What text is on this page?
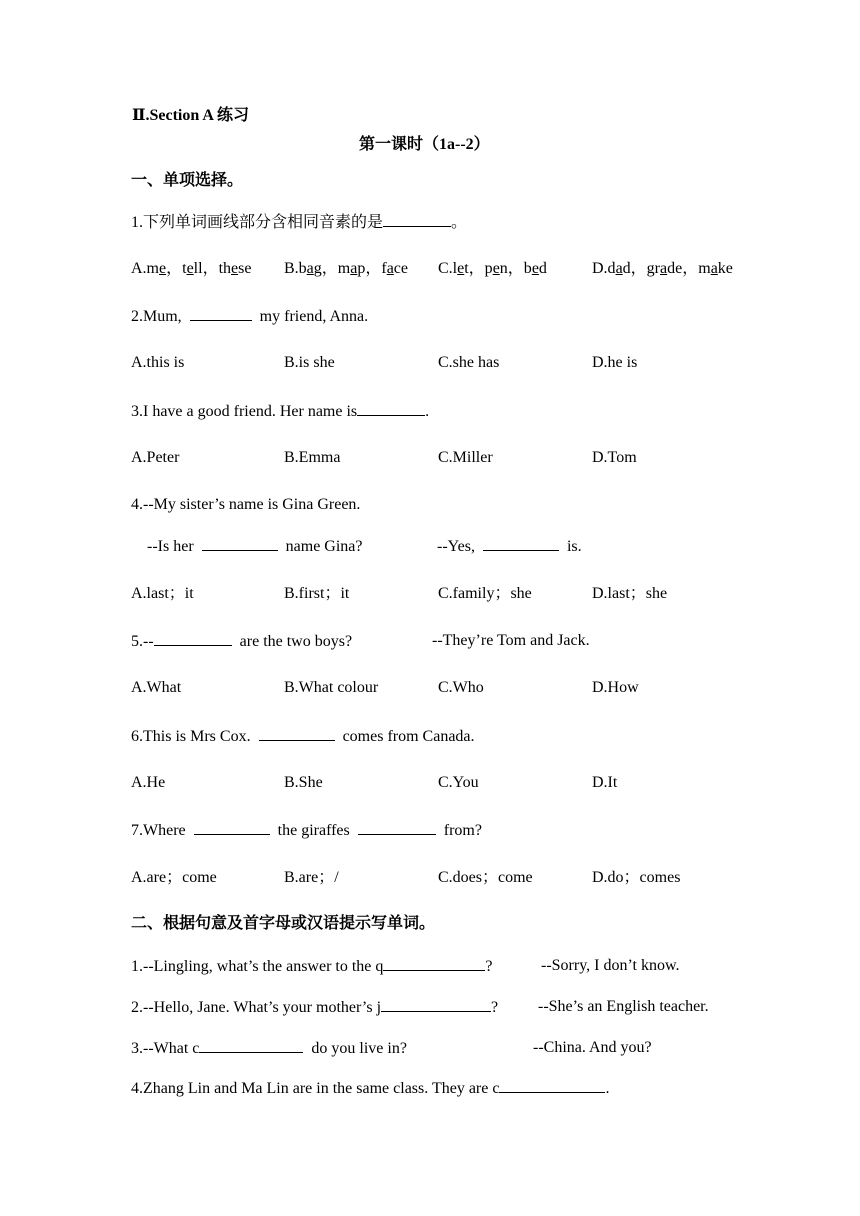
Ⅱ.Section A 练习
第一课时（1a--2）
一、单项选择。
1.下列单词画线部分含相同音素的是	。
A.me，tell，these B.bag，map，face C.let，pen，bed	D.dad，grade，make
2.Mum,	my friend, Anna.
A.this is	B.is she	C.she has	D.he is
3.I have a good friend. Her name is	.
A.Peter	B.Emma	C.Miller	D.Tom
4.--My sister’s name is Gina Green.
--Is her	name Gina?	--Yes,	is.
A.last；it	B.first；it	C.family；she	D.last；she
5.--	are the two boys?	--They’re Tom and Jack.
A.What	B.What colour	C.Who	D.How
6.This is Mrs Cox.	comes from Canada.
A.He	B.She	C.You	D.It
7.Where	the giraffes	from?
A.are；come	B.are；/	C.does；come	D.do；comes
二、根据句意及首字母或汉语提示写单词。
1.--Lingling, what’s the answer to the q	?	--Sorry, I don’t know.
2.--Hello, Jane. What’s your mother’s j	? --She’s an English teacher.
3.--What c	do you live in?	--China. And you?
4.Zhang Lin and Ma Lin are in the same class. They are c	.
